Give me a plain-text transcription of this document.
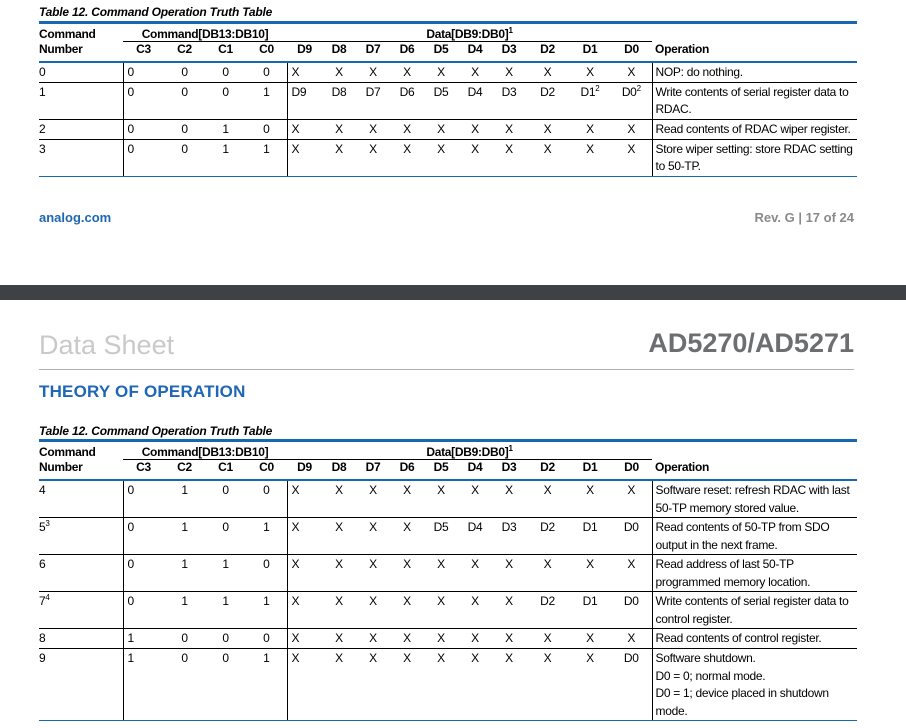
Table 12. Command Operation Truth Table
Command	Command[DB13:DB10]				Data[DB9:DB0]$^1$	
Number	C3	C2	C1	C0	D9	D8	D7	D6	D5	D4	D3	D2	D1	D0	Operation
0	0	0	0	0	X	X	X	X	X	X	X	X	X	X	NOP: do nothing.

1	0	0	0	1	D9	D8	D7	D6	D5	D4	D3	D2	$D1^2$	$D0^2$	Write contents of serial register data to RDAC.

2	0	0	1	0	X	X	X	X	X	X	X	X	X	X	Read contents of RDAC wiper register.

3	0	0	1	1	X	X	X	X	X	X	X	X	X	X	Store wiper setting: store RDAC setting to 50-TP.
analog.com	Rev. G | 17 of 24
Data Sheet	AD5270/AD5271
THEORY OF OPERATION
Table 12. Command Operation Truth Table
Command	Command[DB13:DB10]				Data[DB9:DB0]$^1$	
Number	C3	C2	C1	C0	D9	D8	D7	D6	D5	D4	D3	D2	D1	D0	Operation
4	0	1	0	0	X	X	X	X	X	X	X	X	X	X	Software reset: refresh RDAC with last 50-TP memory stored value.

$5^3$	0	1	0	1	X	X	X	X	D5	D4	D3	D2	D1	D0	Read contents of 50-TP from SDO output in the next frame.

6	0	1	1	0	X	X	X	X	X	X	X	X	X	X	Read address of last 50-TP programmed memory location.

$7^4$	0	1	1	1	X	X	X	X	X	X	X	D2	D1	D0	Write contents of serial register data to control register.

8	1	0	0	0	X	X	X	X	X	X	X	X	X	X	Read contents of control register.

9	1	0	0	1	X	X	X	X	X	X	X	X	X	D0	Software shutdown.
D0 = 0; normal mode.
D0 = 1; device placed in shutdown mode.
